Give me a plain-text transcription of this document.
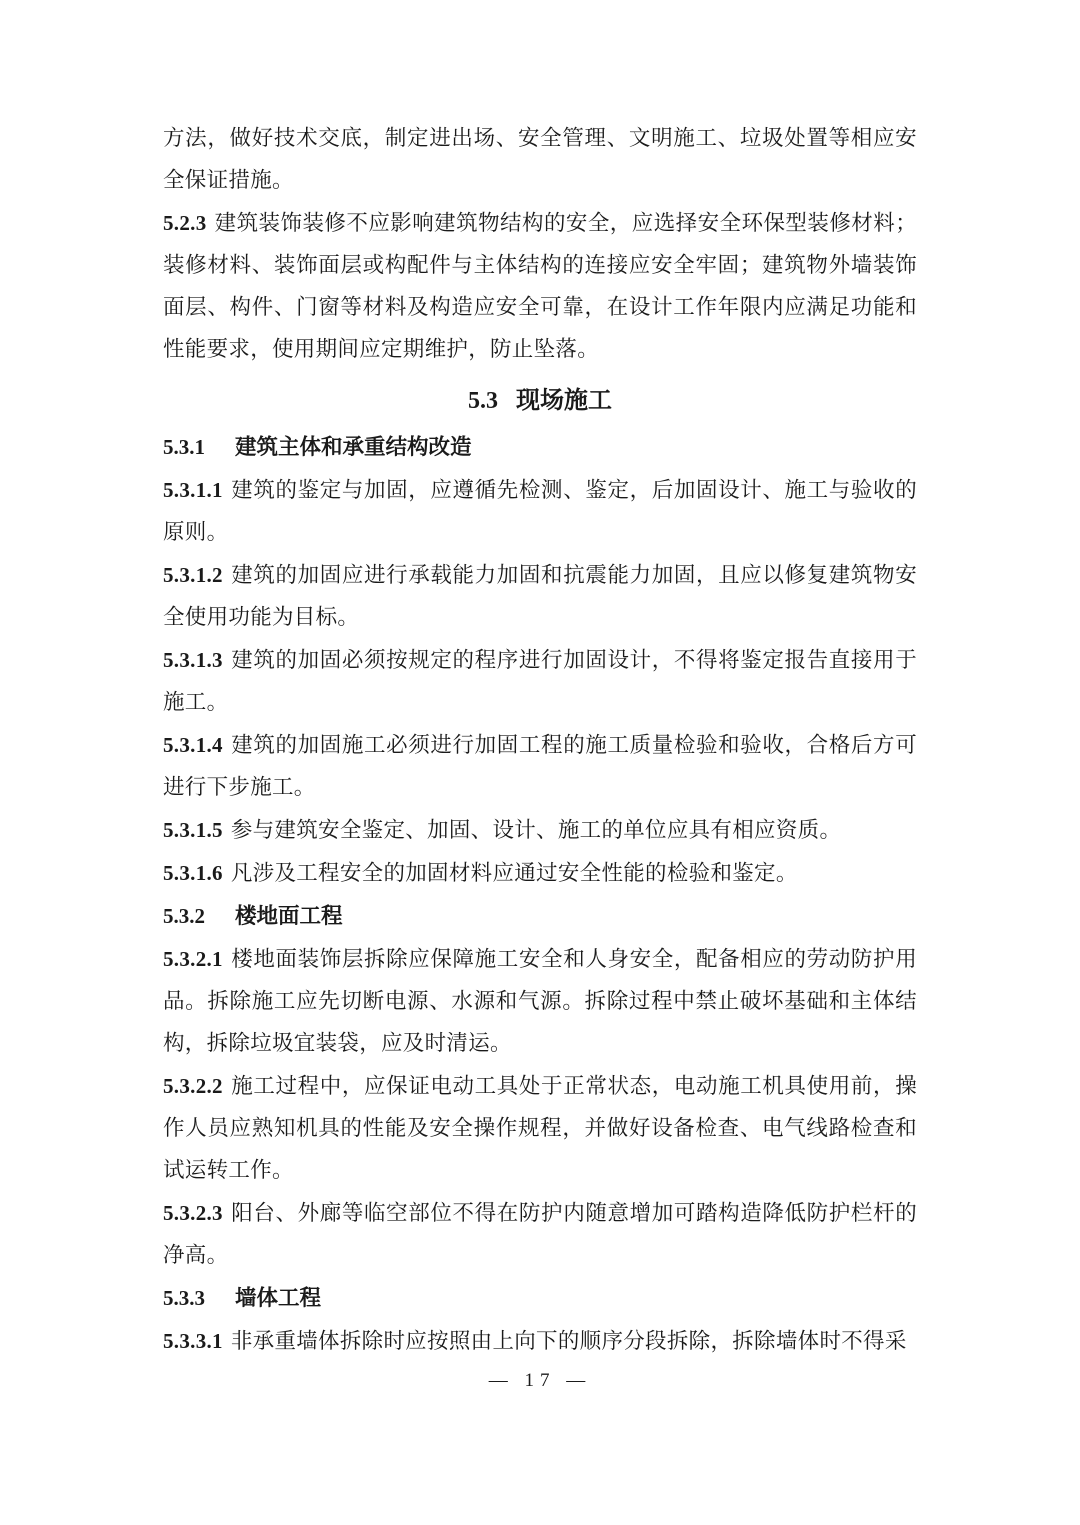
方法，做好技术交底，制定进出场、安全管理、文明施工、垃圾处置等相应安全保证措施。

5.2.3 建筑装饰装修不应影响建筑物结构的安全，应选择安全环保型装修材料；装修材料、装饰面层或构配件与主体结构的连接应安全牢固；建筑物外墙装饰面层、构件、门窗等材料及构造应安全可靠，在设计工作年限内应满足功能和性能要求，使用期间应定期维护，防止坠落。

5.3 现场施工
5.3.1 建筑主体和承重结构改造

5.3.1.1 建筑的鉴定与加固，应遵循先检测、鉴定，后加固设计、施工与验收的原则。

5.3.1.2 建筑的加固应进行承载能力加固和抗震能力加固，且应以修复建筑物安全使用功能为目标。

5.3.1.3 建筑的加固必须按规定的程序进行加固设计，不得将鉴定报告直接用于施工。

5.3.1.4 建筑的加固施工必须进行加固工程的施工质量检验和验收，合格后方可进行下步施工。

5.3.1.5 参与建筑安全鉴定、加固、设计、施工的单位应具有相应资质。

5.3.1.6 凡涉及工程安全的加固材料应通过安全性能的检验和鉴定。

5.3.2 楼地面工程

5.3.2.1 楼地面装饰层拆除应保障施工安全和人身安全，配备相应的劳动防护用品。拆除施工应先切断电源、水源和气源。拆除过程中禁止破坏基础和主体结构，拆除垃圾宜装袋，应及时清运。

5.3.2.2 施工过程中，应保证电动工具处于正常状态，电动施工机具使用前，操作人员应熟知机具的性能及安全操作规程，并做好设备检查、电气线路检查和试运转工作。

5.3.2.3 阳台、外廊等临空部位不得在防护内随意增加可踏构造降低防护栏杆的净高。

5.3.3 墙体工程

5.3.3.1 非承重墙体拆除时应按照由上向下的顺序分段拆除，拆除墙体时不得采

— 17 —
